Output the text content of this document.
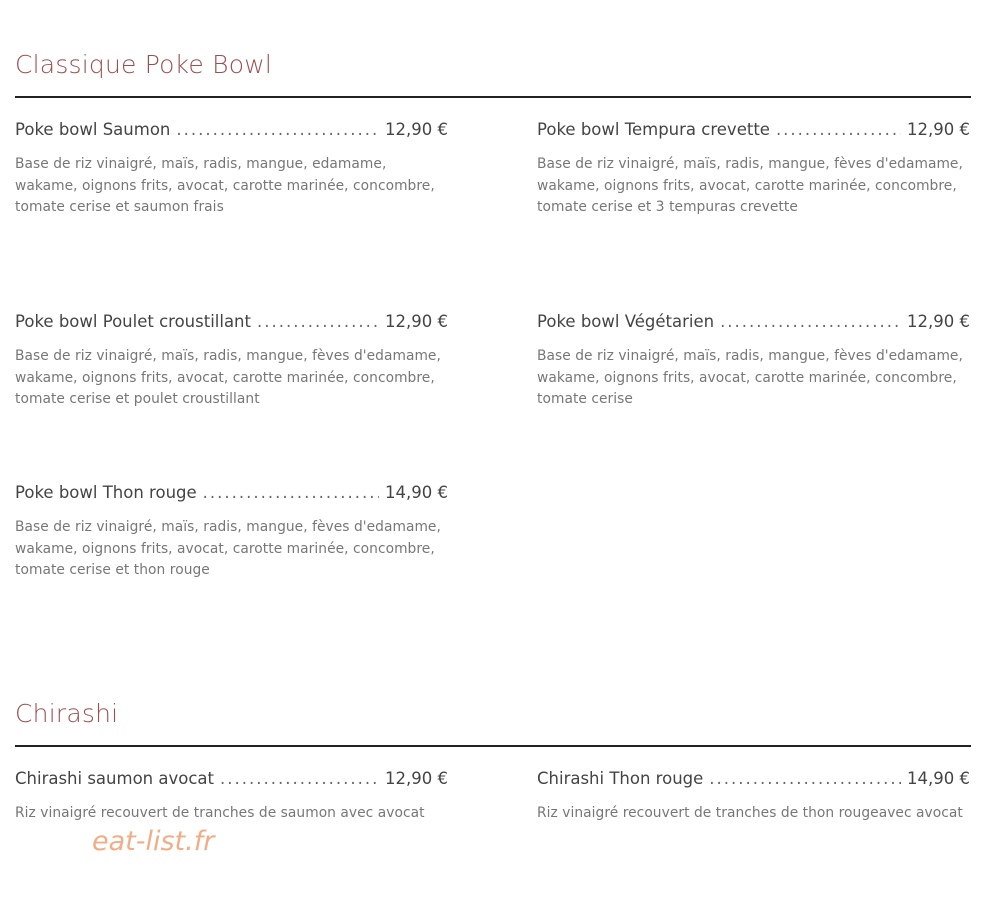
Classique Poke Bowl
Poke bowl Saumon .....	12,90 €
Base de riz vinaigré, maïs, radis, mangue, edamame, wakame, oignons frits, avocat, carotte marinée, concombre, tomate cerise et saumon frais
Poke bowl Tempura crevette .....	12,90 €
Base de riz vinaigré, maïs, radis, mangue, fèves d'edamame, wakame, oignons frits, avocat, carotte marinée, concombre, tomate cerise et 3 tempuras crevette
Poke bowl Poulet croustillant .....	12,90 €
Base de riz vinaigré, maïs, radis, mangue, fèves d'edamame, wakame, oignons frits, avocat, carotte marinée, concombre, tomate cerise et poulet croustillant
Poke bowl Végétarien .....	12,90 €
Base de riz vinaigré, maïs, radis, mangue, fèves d'edamame, wakame, oignons frits, avocat, carotte marinée, concombre, tomate cerise
Poke bowl Thon rouge .....	14,90 €
Base de riz vinaigré, maïs, radis, mangue, fèves d'edamame, wakame, oignons frits, avocat, carotte marinée, concombre, tomate cerise et thon rouge
Chirashi
Chirashi saumon avocat .....	12,90 €
Riz vinaigré recouvert de tranches de saumon avec avocat
Chirashi Thon rouge .....	14,90 €
Riz vinaigré recouvert de tranches de thon rougeavec avocat
eat-list.fr
